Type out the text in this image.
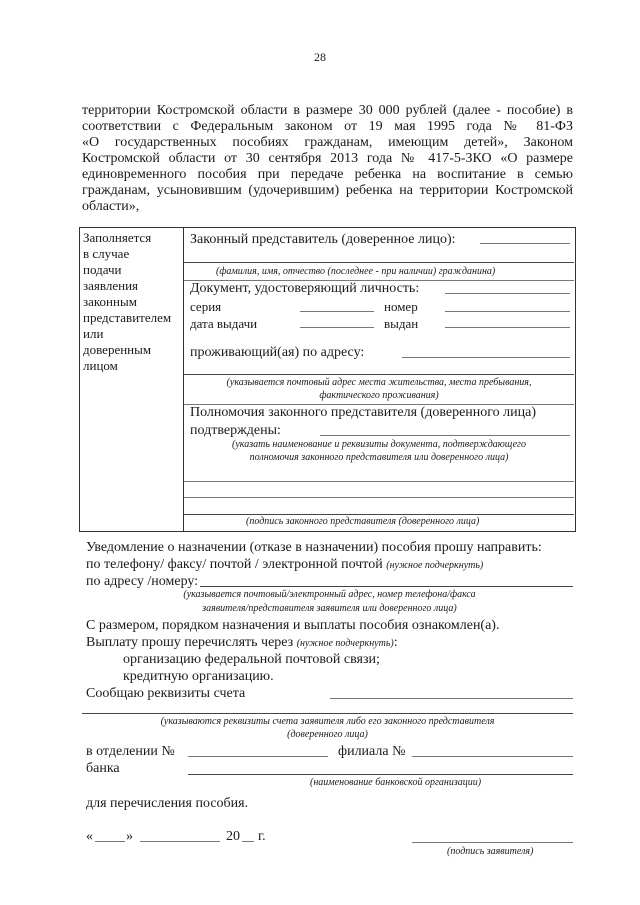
28
территории Костромской области в размере 30 000 рублей (далее - пособие) в
соответствии с Федеральным законом от 19 мая 1995 года № 81-ФЗ
«О государственных пособиях гражданам, имеющим детей», Законом
Костромской области от 30 сентября 2013 года № 417-5-ЗКО «О размере
единовременного пособия при передаче ребенка на воспитание в семью
гражданам, усыновившим (удочерившим) ребенка на территории Костромской
области»,
Заполняется
в случае
подачи
заявления
законным
представителем
или
доверенным
лицом
Законный представитель (доверенное лицо):
(фамилия, имя, отчество (последнее - при наличии) гражданина)
Документ, удостоверяющий личность:
серия	номер
дата выдачи	выдан
проживающий(ая) по адресу:
(указывается почтовый адрес места жительства, места пребывания,
фактического проживания)
Полномочия законного представителя (доверенного лица)
подтверждены:
(указать наименование и реквизиты документа, подтверждающего
полномочия законного представителя или доверенного лица)
(подпись законного представителя (доверенного лица)
Уведомление о назначении (отказе в назначении) пособия прошу направить:
по телефону/ факсу/ почтой / электронной почтой (нужное подчеркнуть)
по адресу /номеру:
(указывается почтовый/электронный адрес, номер телефона/факса
заявителя/представителя заявителя или доверенного лица)
С размером, порядком назначения и выплаты пособия ознакомлен(а).
Выплату прошу перечислять через (нужное подчеркнуть):
организацию федеральной почтовой связи;
кредитную организацию.
Сообщаю реквизиты счета
(указываются реквизиты счета заявителя либо его законного представителя
(доверенного лица)
в отделении №	филиала №
банка
(наименование банковской организации)
для перечисления пособия.
« »	20 г.
(подпись заявителя)
